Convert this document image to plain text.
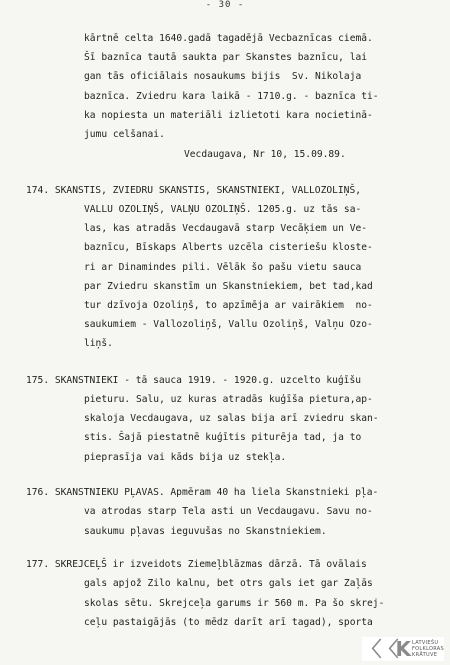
- 30 -
kārtnē celta 1640.gadā tagadējā Vecbaznīcas ciemā.
Šī baznīca tautā saukta par Skanstes baznīcu, lai
gan tās oficiālais nosaukums bijis  Sv. Nikolaja
baznīca. Zviedru kara laikā - 1710.g. - baznīca ti-
ka nopiesta un materiāli izlietoti kara nocietinā-
jumu celšanai.
Vecdaugava, Nr 10, 15.09.89.
174. SKANSTIS, ZVIEDRU SKANSTIS, SKANSTNIEKI, VALLOZOLIŅŠ,
VALLU OZOLIŅŠ, VALŅU OZOLIŅŠ. 1205.g. uz tās sa-
las, kas atradās Vecdaugavā starp Vecāķiem un Ve-
baznīcu, Bīskaps Alberts uzcēla cisteriešu kloste-
ri ar Dinamindes pili. Vēlāk šo pašu vietu sauca
par Zviedru skanstīm un Skanstniekiem, bet tad,kad
tur dzīvoja Ozoliņš, to apzīmēja ar vairākiem  no-
saukumiem - Vallozoliņš, Vallu Ozoliņš, Valņu Ozo-
liņš.
175. SKANSTNIEKI - tā sauca 1919. - 1920.g. uzcelto kuģīšu
pieturu. Salu, uz kuras atradās kuģīša pietura,ap-
skaloja Vecdaugava, uz salas bija arī zviedru skan-
stis. Šajā piestatnē kuģītis piturēja tad, ja to
pieprasīja vai kāds bija uz stekļa.
176. SKANSTNIEKU PĻAVAS. Apmēram 40 ha liela Skanstnieki pļa-
va atrodas starp Tela asti un Vecdaugavu. Savu no-
saukumu pļavas ieguvušas no Skanstniekiem.
177. SKREJCEĻŠ ir izveidots Ziemeļblāzmas dārzā. Tā ovālais
gals apjož Zilo kalnu, bet otrs gals iet gar Zaļās
skolas sētu. Skrejceļa garums ir 560 m. Pa šo skrej-
ceļu pastaigājās (to mēdz darīt arī tagad), sporta
〈
〈
K LATVIEŠU
FOLKLORAS
KRĀTUVE
